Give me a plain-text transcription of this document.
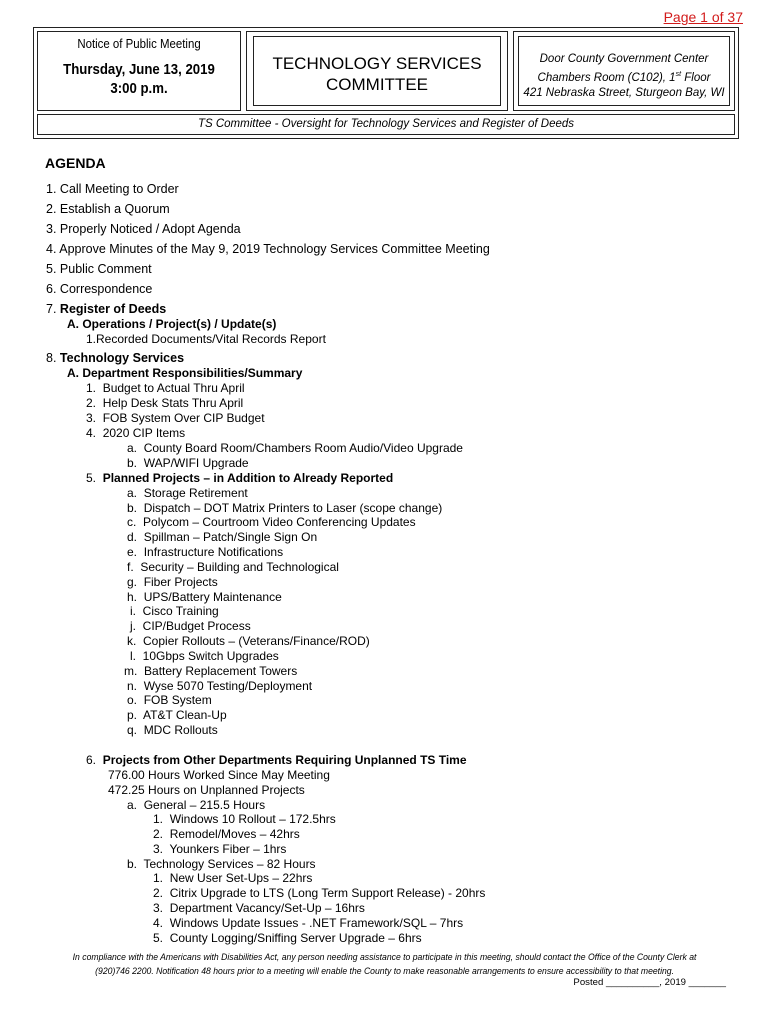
Page 1 of 37
Notice of Public Meeting
Thursday, June 13, 2019
3:00 p.m.
TECHNOLOGY SERVICES
COMMITTEE
Door County Government Center
Chambers Room (C102), 1st Floor
421 Nebraska Street, Sturgeon Bay, WI
TS Committee - Oversight for Technology Services and Register of Deeds
AGENDA
1. Call Meeting to Order
2. Establish a Quorum
3. Properly Noticed / Adopt Agenda
4. Approve Minutes of the May 9, 2019 Technology Services Committee Meeting
5. Public Comment
6. Correspondence
7. Register of Deeds
A. Operations / Project(s) / Update(s)
1.Recorded Documents/Vital Records Report
8. Technology Services
A. Department Responsibilities/Summary
1. Budget to Actual Thru April
2. Help Desk Stats Thru April
3. FOB System Over CIP Budget
4. 2020 CIP Items
a. County Board Room/Chambers Room Audio/Video Upgrade
b. WAP/WIFI Upgrade
5. Planned Projects – in Addition to Already Reported
a. Storage Retirement
b. Dispatch – DOT Matrix Printers to Laser (scope change)
c. Polycom – Courtroom Video Conferencing Updates
d. Spillman – Patch/Single Sign On
e. Infrastructure Notifications
f. Security – Building and Technological
g. Fiber Projects
h. UPS/Battery Maintenance
i. Cisco Training
j. CIP/Budget Process
k. Copier Rollouts – (Veterans/Finance/ROD)
l. 10Gbps Switch Upgrades
m. Battery Replacement Towers
n. Wyse 5070 Testing/Deployment
o. FOB System
p. AT&T Clean-Up
q. MDC Rollouts
6. Projects from Other Departments Requiring Unplanned TS Time
776.00 Hours Worked Since May Meeting
472.25 Hours on Unplanned Projects
a. General – 215.5 Hours
1. Windows 10 Rollout – 172.5hrs
2. Remodel/Moves – 42hrs
3. Younkers Fiber – 1hrs
b. Technology Services – 82 Hours
1. New User Set-Ups – 22hrs
2. Citrix Upgrade to LTS (Long Term Support Release) - 20hrs
3. Department Vacancy/Set-Up – 16hrs
4. Windows Update Issues - .NET Framework/SQL – 7hrs
5. County Logging/Sniffing Server Upgrade – 6hrs
In compliance with the Americans with Disabilities Act, any person needing assistance to participate in this meeting, should contact the Office of the County Clerk at
(920)746 2200. Notification 48 hours prior to a meeting will enable the County to make reasonable arrangements to ensure accessibility to that meeting.
Posted __________, 2019 _______
